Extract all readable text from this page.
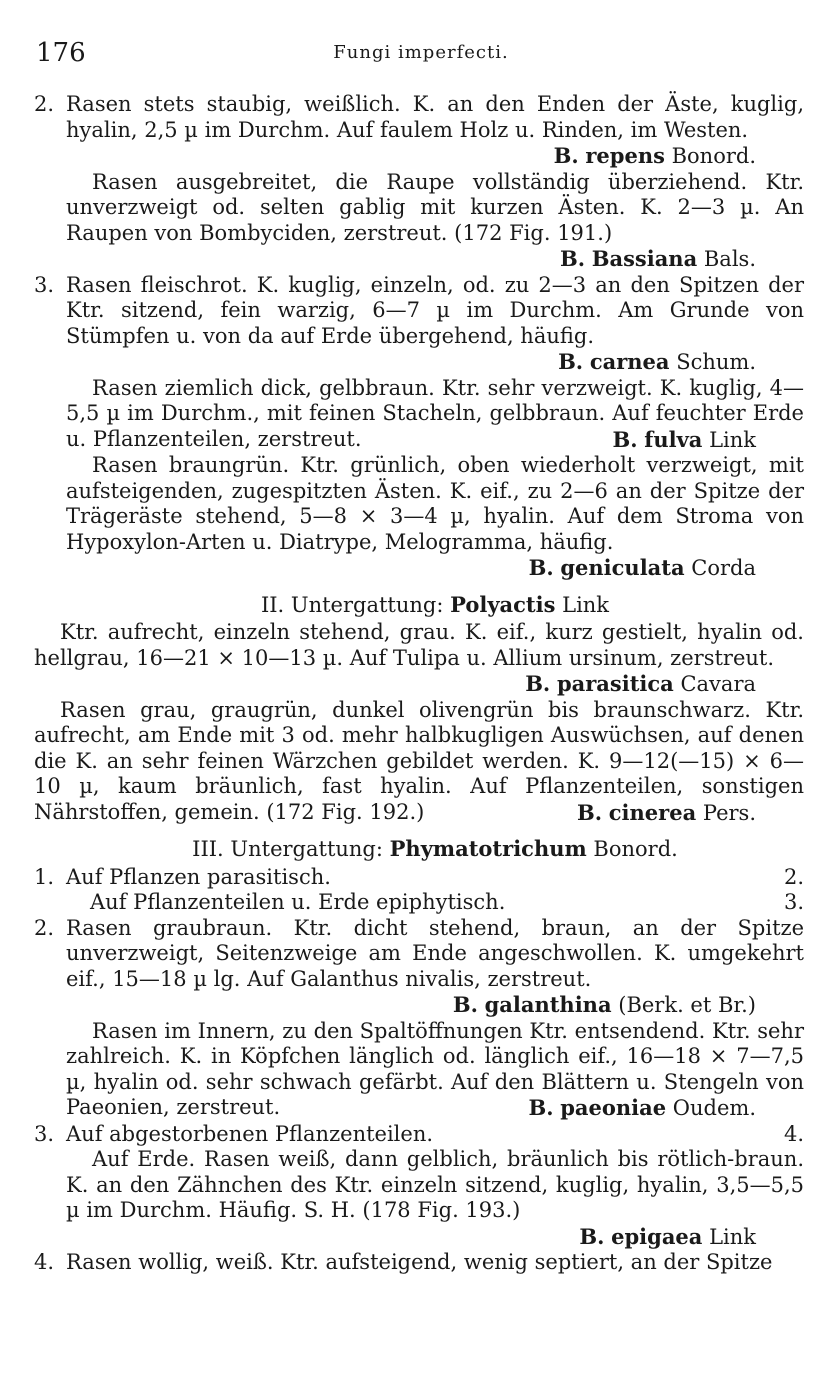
176	Fungi imperfecti.

2. Rasen stets staubig, weißlich. K. an den Enden der Äste, kuglig, hyalin, 2,5 µ im Durchm. Auf faulem Holz u. Rinden, im Westen.

B. repens Bonord.

Rasen ausgebreitet, die Raupe vollständig überziehend. Ktr. unverzweigt od. selten gablig mit kurzen Ästen. K. 2—3 µ. An Raupen von Bombyciden, zerstreut. (172 Fig. 191.)

B. Bassiana Bals.

3. Rasen fleischrot. K. kuglig, einzeln, od. zu 2—3 an den Spitzen der Ktr. sitzend, fein warzig, 6—7 µ im Durchm. Am Grunde von Stümpfen u. von da auf Erde übergehend, häufig.

B. carnea Schum.

Rasen ziemlich dick, gelbbraun. Ktr. sehr verzweigt. K. kuglig, 4—5,5 µ im Durchm., mit feinen Stacheln, gelbbraun. Auf feuchter Erde u. Pflanzenteilen, zerstreut.	B. fulva Link

Rasen braungrün. Ktr. grünlich, oben wiederholt verzweigt, mit aufsteigenden, zugespitzten Ästen. K. eif., zu 2—6 an der Spitze der Trägeräste stehend, 5—8 × 3—4 µ, hyalin. Auf dem Stroma von Hypoxylon-Arten u. Diatrype, Melogramma, häufig.

B. geniculata Corda

II. Untergattung: Polyactis Link

Ktr. aufrecht, einzeln stehend, grau. K. eif., kurz gestielt, hyalin od. hellgrau, 16—21 × 10—13 µ. Auf Tulipa u. Allium ursinum, zerstreut.
B. parasitica Cavara

Rasen grau, graugrün, dunkel olivengrün bis braunschwarz. Ktr. aufrecht, am Ende mit 3 od. mehr halbkugligen Auswüchsen, auf denen die K. an sehr feinen Wärzchen gebildet werden. K. 9—12(—15) × 6—10 µ, kaum bräunlich, fast hyalin. Auf Pflanzenteilen, sonstigen Nährstoffen, gemein. (172 Fig. 192.)	B. cinerea Pers.

III. Untergattung: Phymatotrichum Bonord.

1. Auf Pflanzen parasitisch.	2.

Auf Pflanzenteilen u. Erde epiphytisch.	3.

2. Rasen graubraun. Ktr. dicht stehend, braun, an der Spitze unverzweigt, Seitenzweige am Ende angeschwollen. K. umgekehrt eif., 15—18 µ lg. Auf Galanthus nivalis, zerstreut.

B. galanthina (Berk. et Br.)

Rasen im Innern, zu den Spaltöffnungen Ktr. entsendend. Ktr. sehr zahlreich. K. in Köpfchen länglich od. länglich eif., 16—18 × 7—7,5 µ, hyalin od. sehr schwach gefärbt. Auf den Blättern u. Stengeln von Paeonien, zerstreut.	B. paeoniae Oudem.

3. Auf abgestorbenen Pflanzenteilen.	4.

Auf Erde. Rasen weiß, dann gelblich, bräunlich bis rötlich-braun. K. an den Zähnchen des Ktr. einzeln sitzend, kuglig, hyalin, 3,5—5,5 µ im Durchm. Häufig. S. H. (178 Fig. 193.)

B. epigaea Link

4. Rasen wollig, weiß. Ktr. aufsteigend, wenig septiert, an der Spitze
